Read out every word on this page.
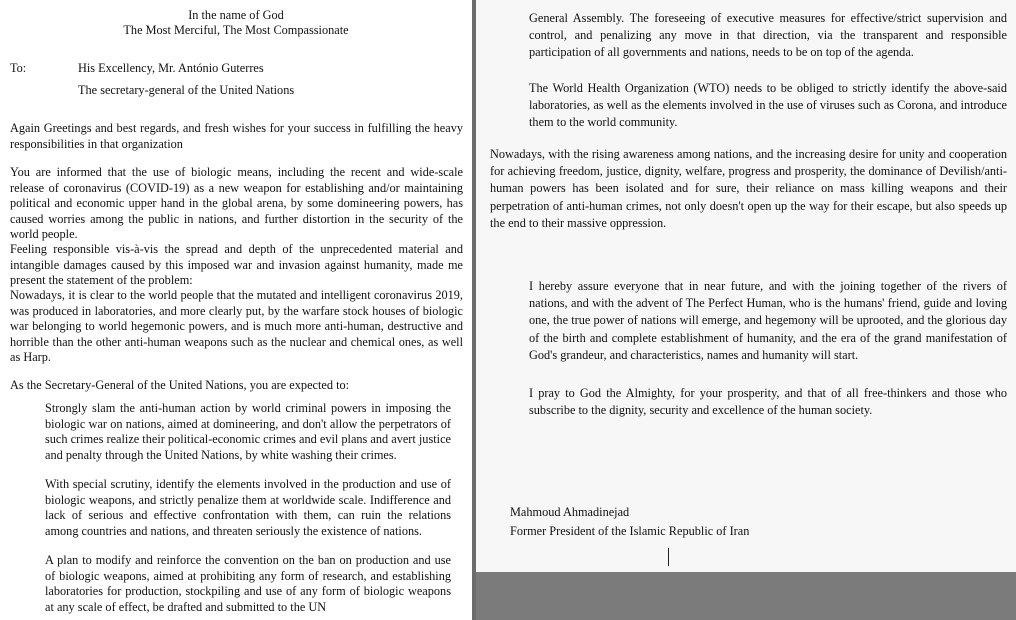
In the name of God
The Most Merciful, The Most Compassionate
To:	His Excellency, Mr. António Guterres
The secretary-general of the United Nations
Again Greetings and best regards, and fresh wishes for your success in fulfilling the heavy responsibilities in that organization
You are informed that the use of biologic means, including the recent and wide-scale release of coronavirus (COVID-19) as a new weapon for establishing and/or maintaining political and economic upper hand in the global arena, by some domineering powers, has caused worries among the public in nations, and further distortion in the security of the world people.
Feeling responsible vis-à-vis the spread and depth of the unprecedented material and intangible damages caused by this imposed war and invasion against humanity, made me present the statement of the problem:
Nowadays, it is clear to the world people that the mutated and intelligent coronavirus 2019, was produced in laboratories, and more clearly put, by the warfare stock houses of biologic war belonging to world hegemonic powers, and is much more anti-human, destructive and horrible than the other anti-human weapons such as the nuclear and chemical ones, as well as Harp.
As the Secretary-General of the United Nations, you are expected to:
Strongly slam the anti-human action by world criminal powers in imposing the biologic war on nations, aimed at domineering, and don't allow the perpetrators of such crimes realize their political-economic crimes and evil plans and avert justice and penalty through the United Nations, by white washing their crimes.
With special scrutiny, identify the elements involved in the production and use of biologic weapons, and strictly penalize them at worldwide scale. Indifference and lack of serious and effective confrontation with them, can ruin the relations among countries and nations, and threaten seriously the existence of nations.
A plan to modify and reinforce the convention on the ban on production and use of biologic weapons, aimed at prohibiting any form of research, and establishing laboratories for production, stockpiling and use of any form of biologic weapons at any scale of effect, be drafted and submitted to the UN
General Assembly. The foreseeing of executive measures for effective/strict supervision and control, and penalizing any move in that direction, via the transparent and responsible participation of all governments and nations, needs to be on top of the agenda.
The World Health Organization (WTO) needs to be obliged to strictly identify the above-said laboratories, as well as the elements involved in the use of viruses such as Corona, and introduce them to the world community.
Nowadays, with the rising awareness among nations, and the increasing desire for unity and cooperation for achieving freedom, justice, dignity, welfare, progress and prosperity, the dominance of Devilish/anti-human powers has been isolated and for sure, their reliance on mass killing weapons and their perpetration of anti-human crimes, not only doesn't open up the way for their escape, but also speeds up the end to their massive oppression.
I hereby assure everyone that in near future, and with the joining together of the rivers of nations, and with the advent of The Perfect Human, who is the humans' friend, guide and loving one, the true power of nations will emerge, and hegemony will be uprooted, and the glorious day of the birth and complete establishment of humanity, and the era of the grand manifestation of God's grandeur, and characteristics, names and humanity will start.
I pray to God the Almighty, for your prosperity, and that of all free-thinkers and those who subscribe to the dignity, security and excellence of the human society.
Mahmoud Ahmadinejad
Former President of the Islamic Republic of Iran
